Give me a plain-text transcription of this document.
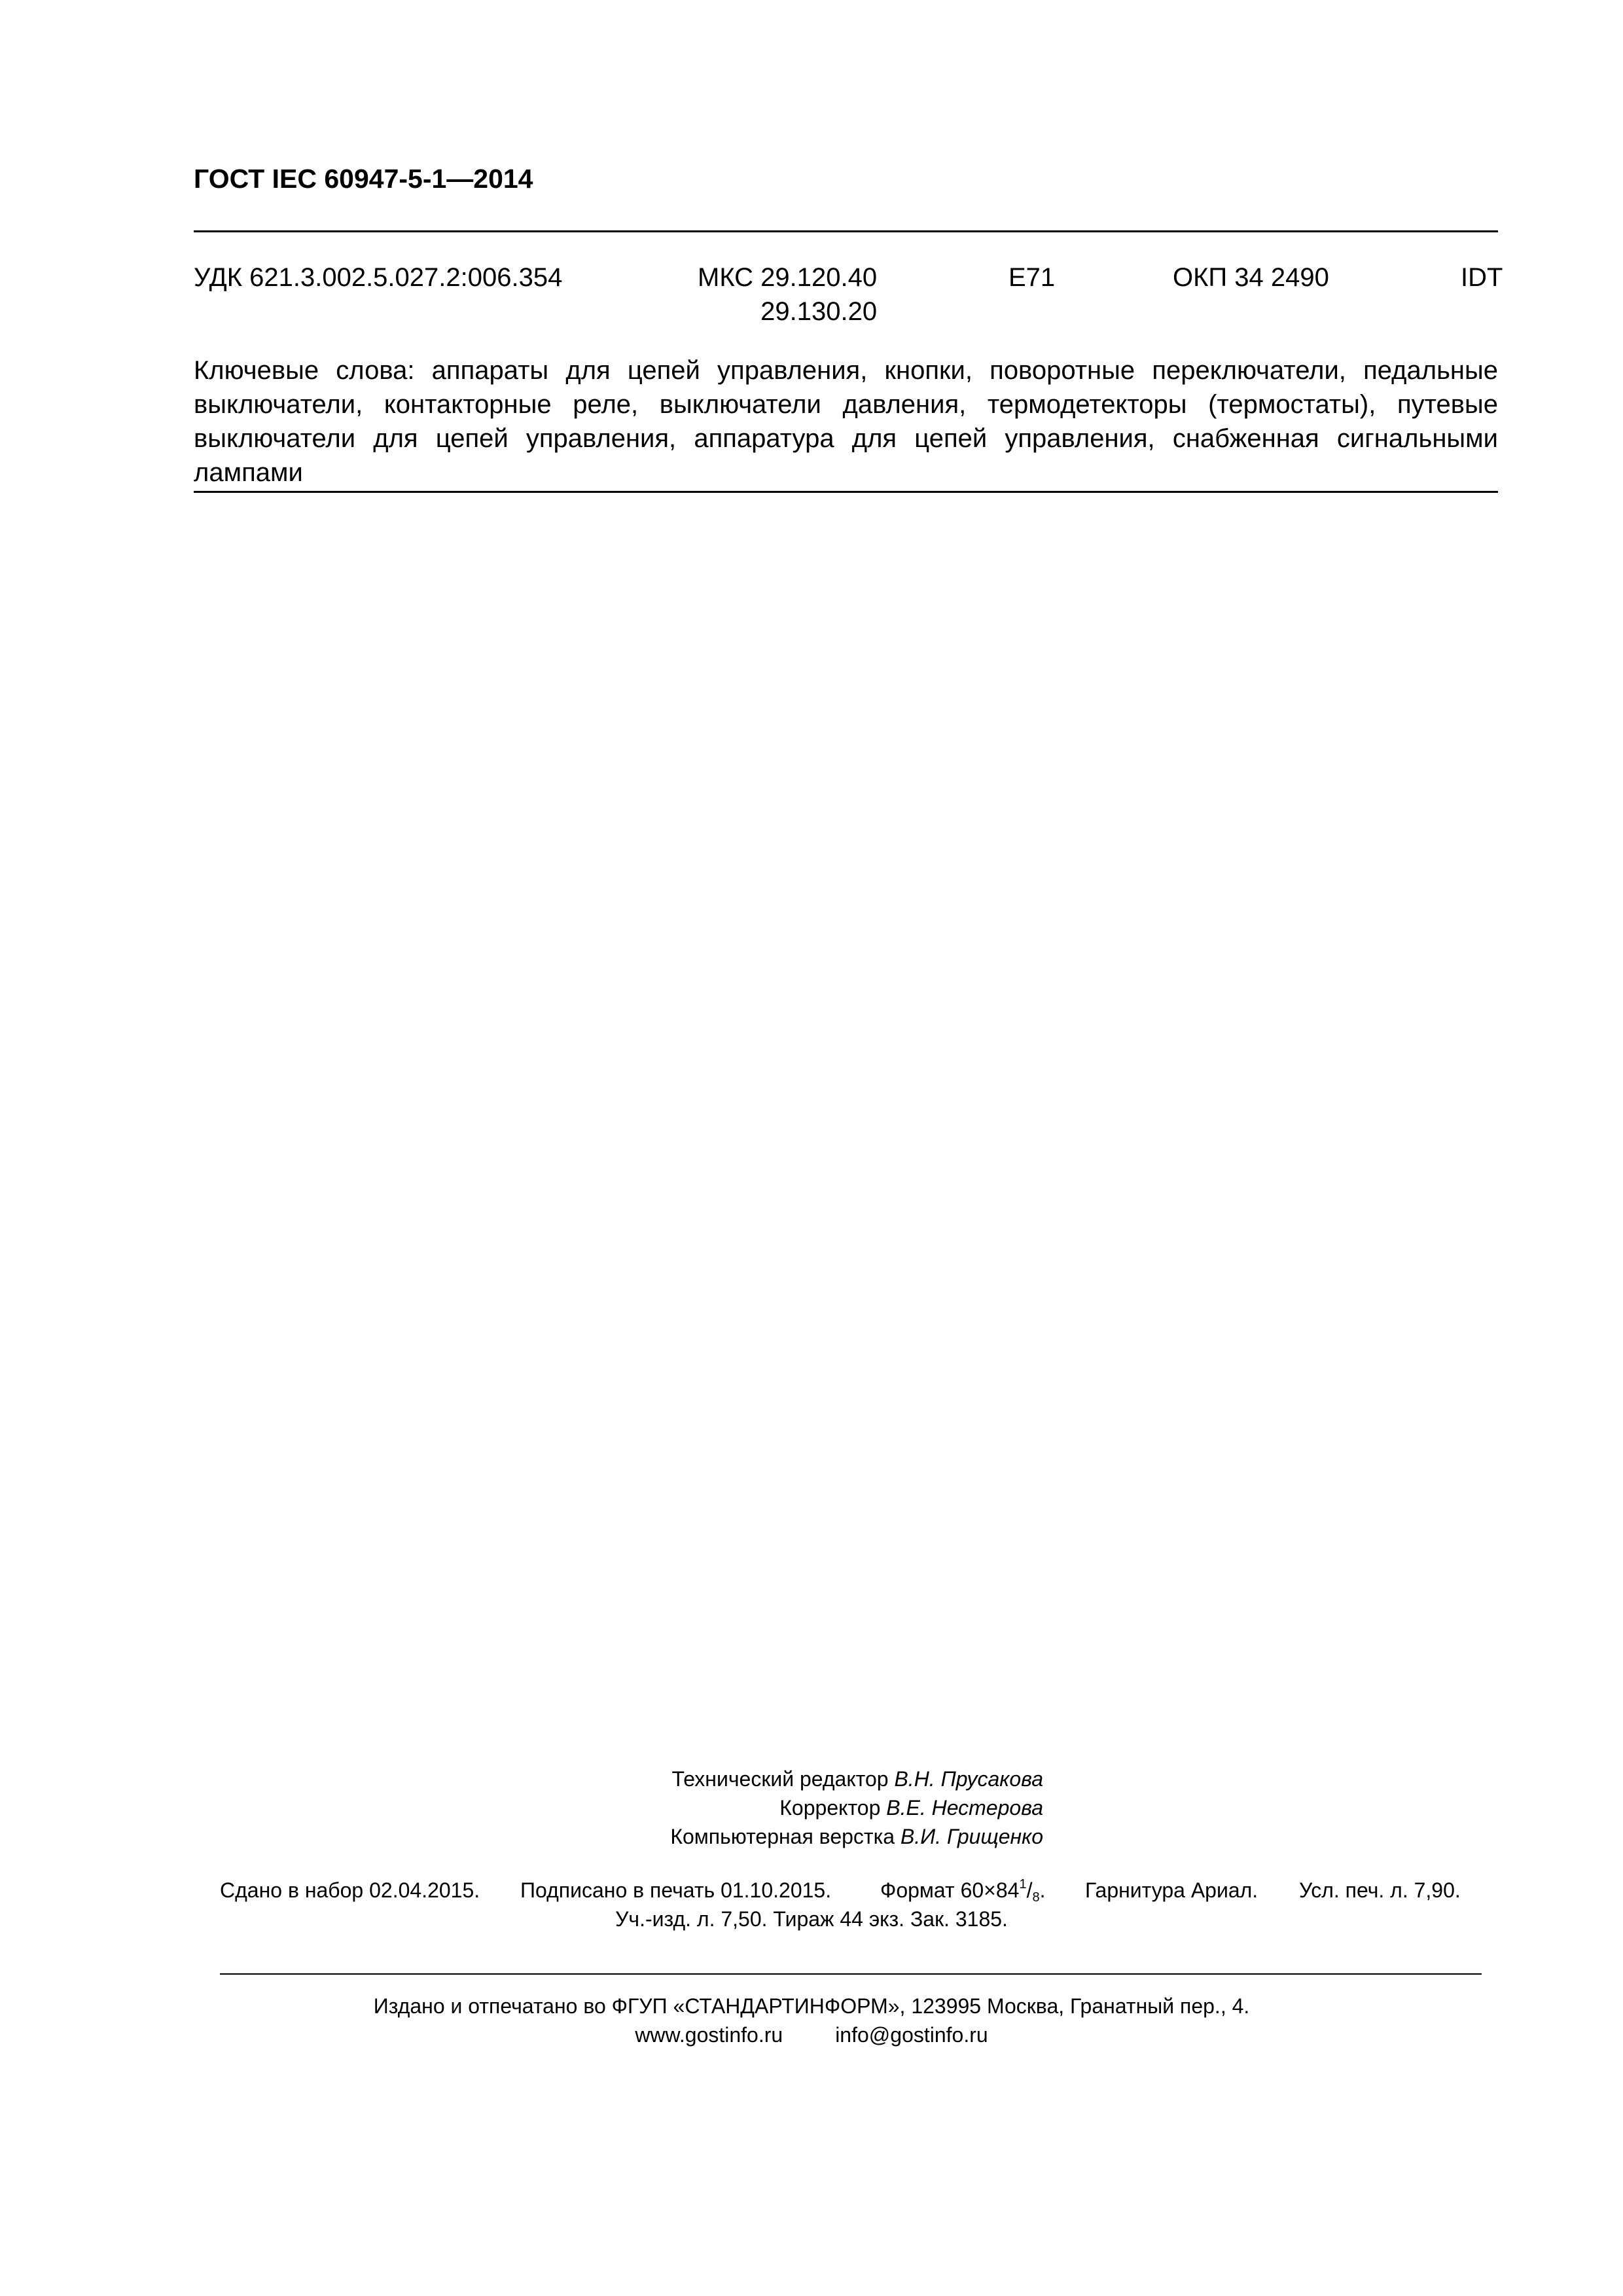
ГОСТ IEC 60947-5-1—2014
УДК 621.3.002.5.027.2:006.354	МКС 29.120.40
29.130.20
Е71	ОКП 34 2490	IDT
Ключевые слова: аппараты для цепей управления, кнопки, поворотные переключатели, педальные выключатели, контакторные реле, выключатели давления, термодетекторы (термостаты), путевые выключатели для цепей управления, аппаратура для цепей управления, снабженная сигнальными лампами
Технический редактор В.Н. Прусакова
Корректор В.Е. Нестерова
Компьютерная верстка В.И. Грищенко
Сдано в набор 02.04.2015. Подписано в печать 01.10.2015. Формат $60\times 84^1/_8$. Гарнитура Ариал. Усл. печ. л. 7,90.
Уч.-изд. л. 7,50. Тираж 44 экз. Зак. 3185.
Издано и отпечатано во ФГУП «СТАНДАРТИНФОРМ», 123995 Москва, Гранатный пер., 4.
www.gostinfo.ru	info@gostinfo.ru
